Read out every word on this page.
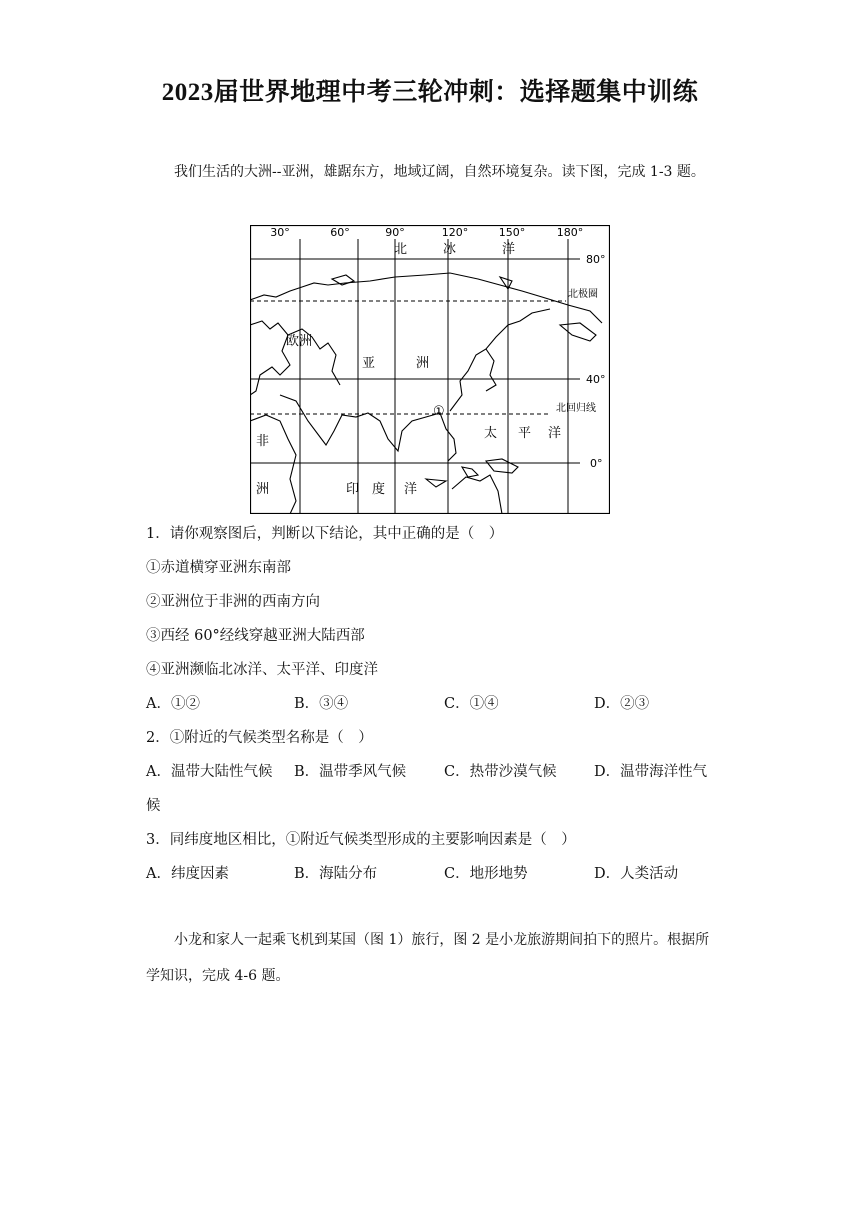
2023届世界地理中考三轮冲刺：选择题集中训练
我们生活的大洲--亚洲，雄踞东方，地域辽阔，自然环境复杂。读下图，完成 1-3 题。
30°	60°	90°	120°	150°	180°
80°
40°
0°
北极圈
北回归线
北	冰	洋
欧洲
亚	洲
太 平 洋
非
洲	印 度 洋
①
1．请你观察图后，判断以下结论，其中正确的是（　）
①赤道横穿亚洲东南部
②亚洲位于非洲的西南方向
③西经 60°经线穿越亚洲大陆西部
④亚洲濒临北冰洋、太平洋、印度洋
A．①②	B．③④	C．①④	D．②③
2．①附近的气候类型名称是（　）
A．温带大陆性气候 B．温带季风气候	C．热带沙漠气候	D．温带海洋性气
候
3．同纬度地区相比，①附近气候类型形成的主要影响因素是（　）
A．纬度因素	B．海陆分布	C．地形地势	D．人类活动
小龙和家人一起乘飞机到某国（图 1）旅行，图 2 是小龙旅游期间拍下的照片。根据所学知识，完成 4-6 题。
